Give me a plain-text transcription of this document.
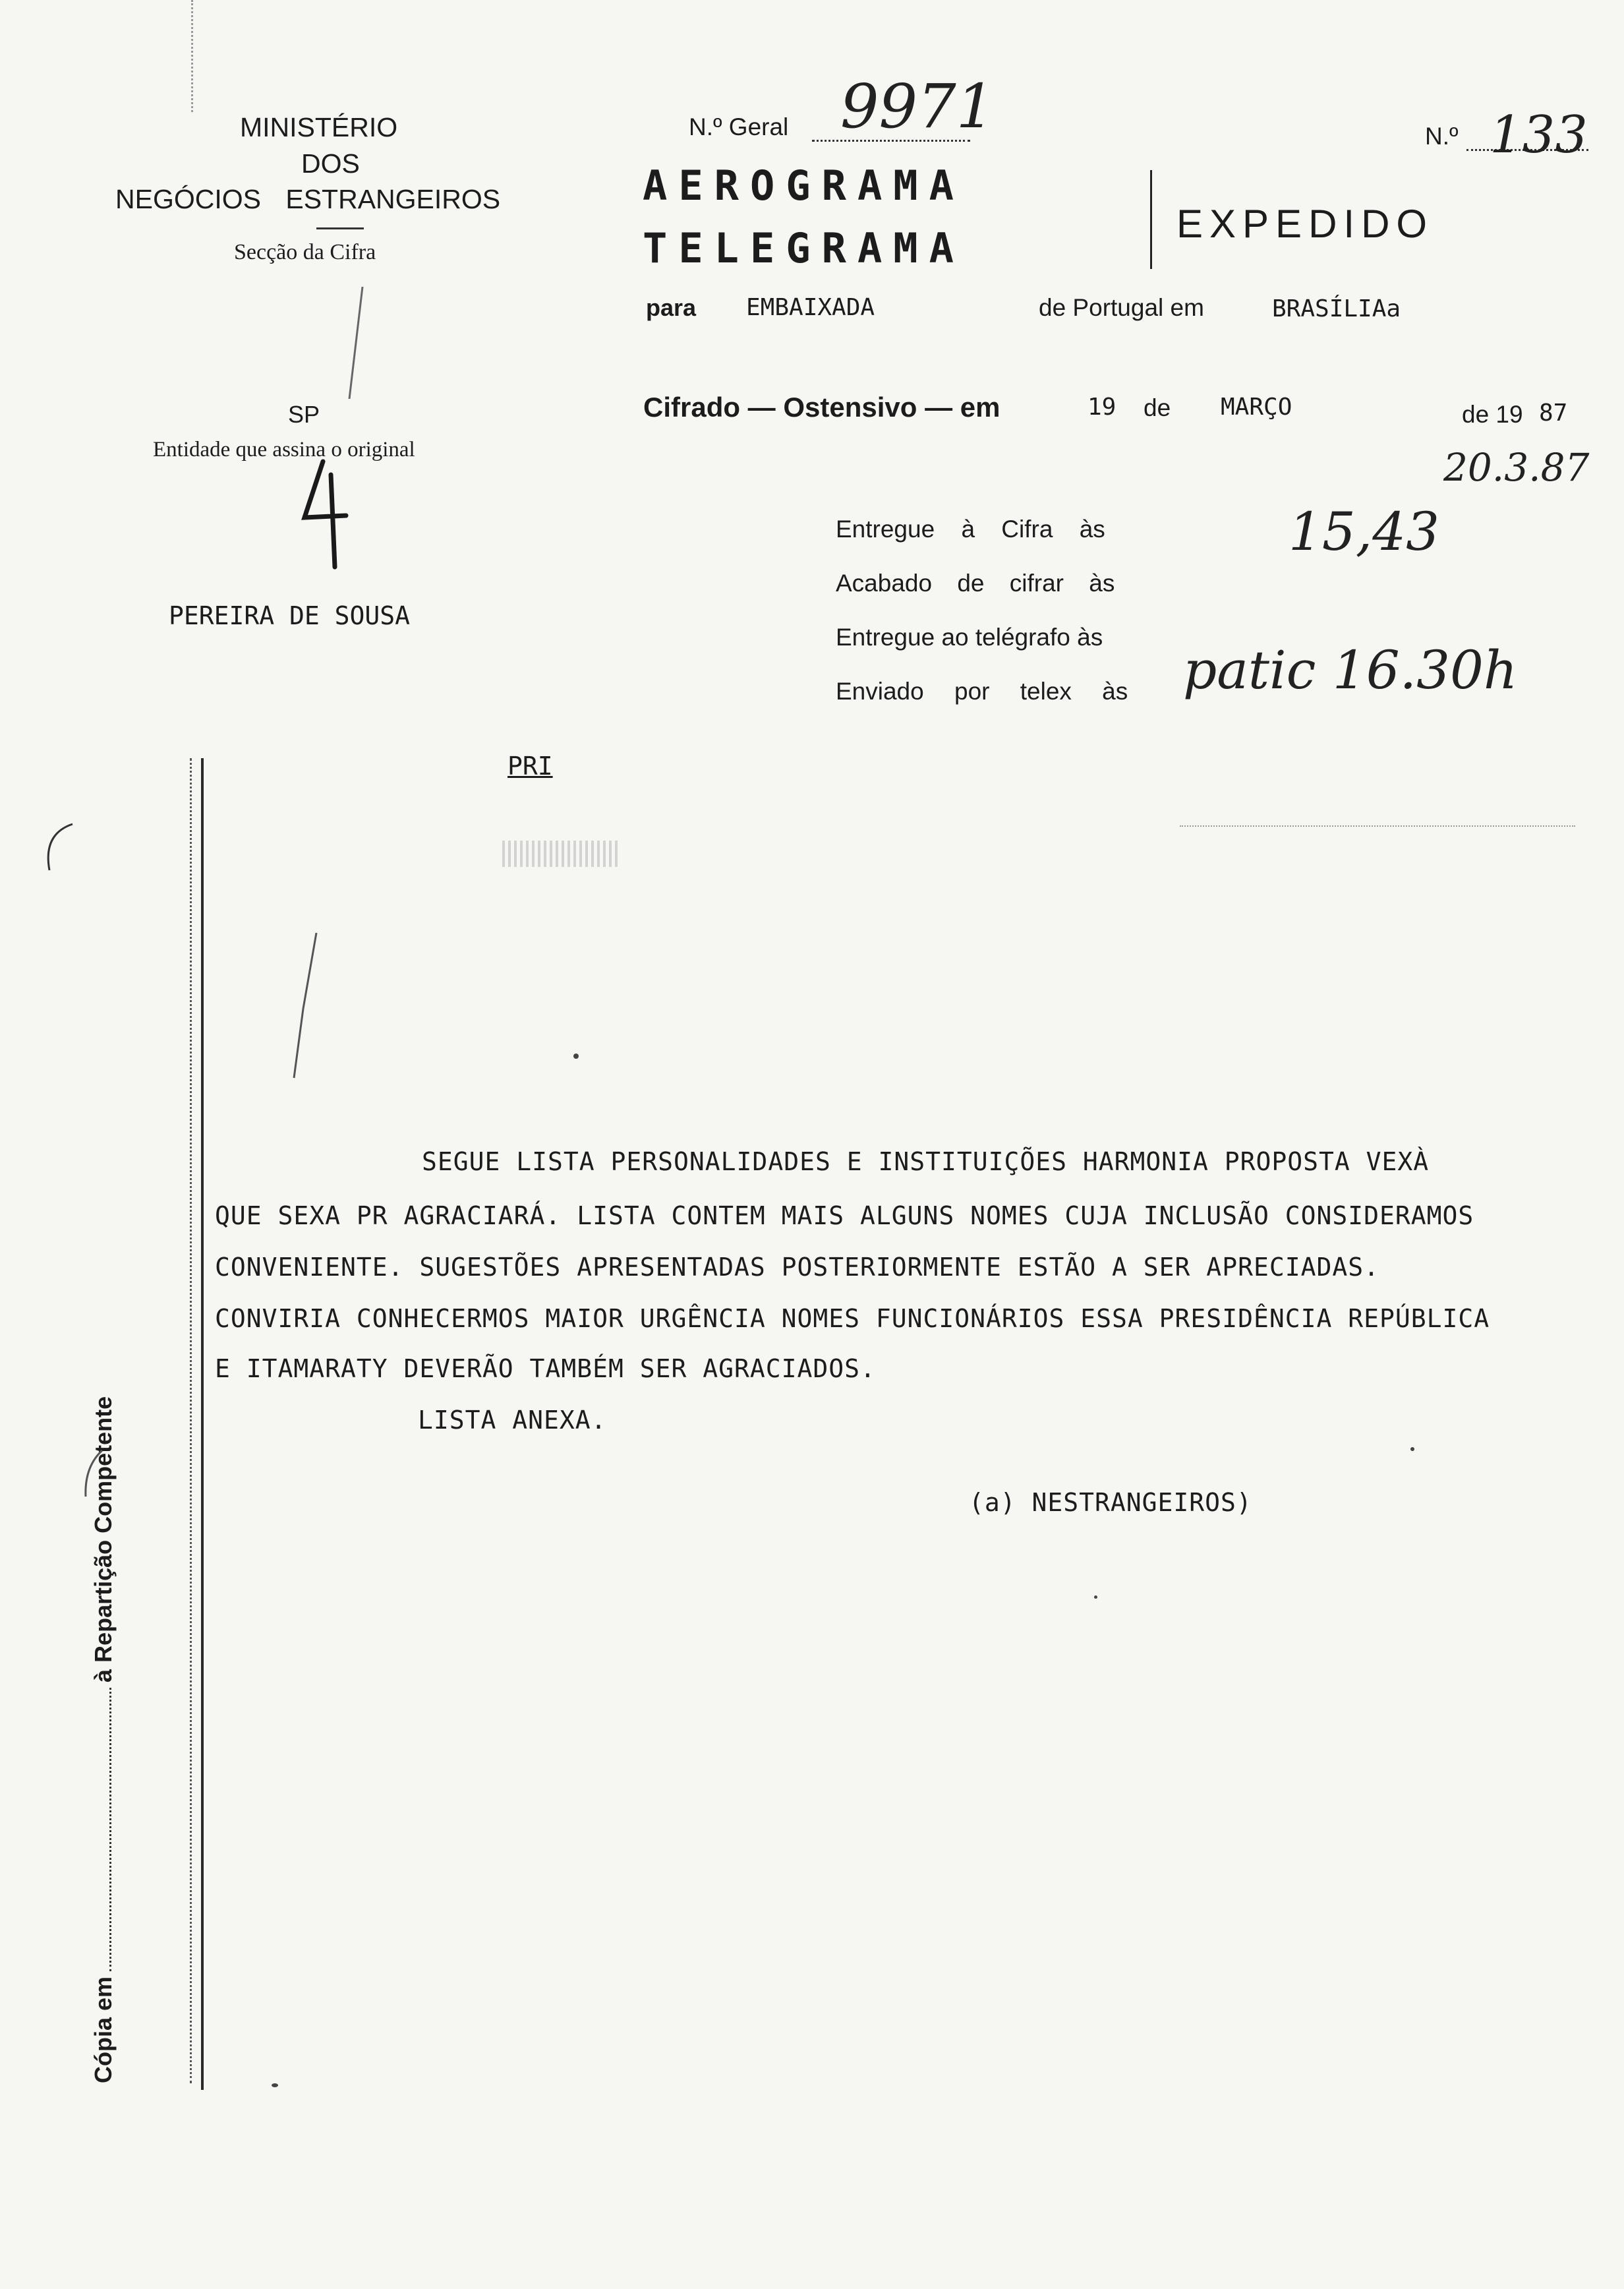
MINISTÉRIO
DOS
NEGÓCIOS ESTRANGEIROS
Secção da Cifra
SP
Entidade que assina o original
PEREIRA DE SOUSA
N.º Geral 9971	N.º 133
AEROGRAMA
TELEGRAMA
EXPEDIDO
para EMBAIXADA	de Portugal em	BRASÍLIAa
Cifrado — Ostensivo — em	19 de MARÇO	de 19 87
20.3.87
Entregue à Cifra às	15,43
Acabado de cifrar às
Entregue ao telégrafo às
Enviado por telex às patic 16.30h
PRI
Cópia emà Repartição Competente
SEGUE LISTA PERSONALIDADES E INSTITUIÇÕES HARMONIA PROPOSTA VEXÀ
QUE SEXA PR AGRACIARÁ. LISTA CONTEM MAIS ALGUNS NOMES CUJA INCLUSÃO CONSIDERAMOS
CONVENIENTE. SUGESTÕES APRESENTADAS POSTERIORMENTE ESTÃO A SER APRECIADAS.
CONVIRIA CONHECERMOS MAIOR URGÊNCIA NOMES FUNCIONÁRIOS ESSA PRESIDÊNCIA REPÚBLICA
E ITAMARATY DEVERÃO TAMBÉM SER AGRACIADOS.
LISTA ANEXA.
(a) NESTRANGEIROS)
